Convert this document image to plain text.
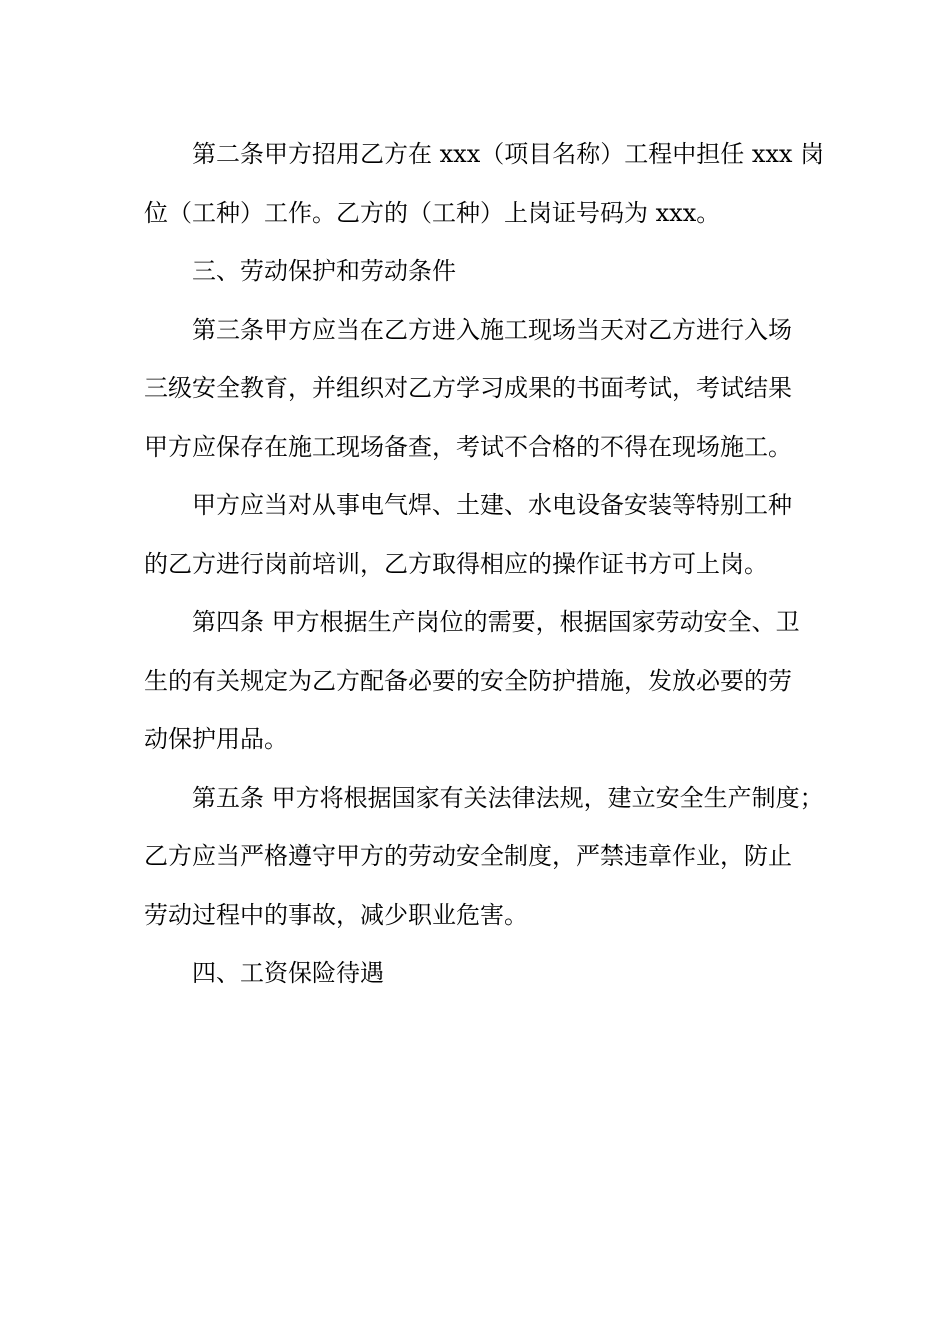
第二条甲方招用乙方在 xxx（项目名称）工程中担任 xxx 岗
位（工种）工作。乙方的（工种）上岗证号码为 xxx。
三、劳动保护和劳动条件
第三条甲方应当在乙方进入施工现场当天对乙方进行入场
三级安全教育，并组织对乙方学习成果的书面考试，考试结果
甲方应保存在施工现场备查，考试不合格的不得在现场施工。
甲方应当对从事电气焊、土建、水电设备安装等特别工种
的乙方进行岗前培训，乙方取得相应的操作证书方可上岗。
第四条 甲方根据生产岗位的需要，根据国家劳动安全、卫
生的有关规定为乙方配备必要的安全防护措施，发放必要的劳
动保护用品。
第五条 甲方将根据国家有关法律法规，建立安全生产制度；
乙方应当严格遵守甲方的劳动安全制度，严禁违章作业，防止
劳动过程中的事故，减少职业危害。
四、工资保险待遇
